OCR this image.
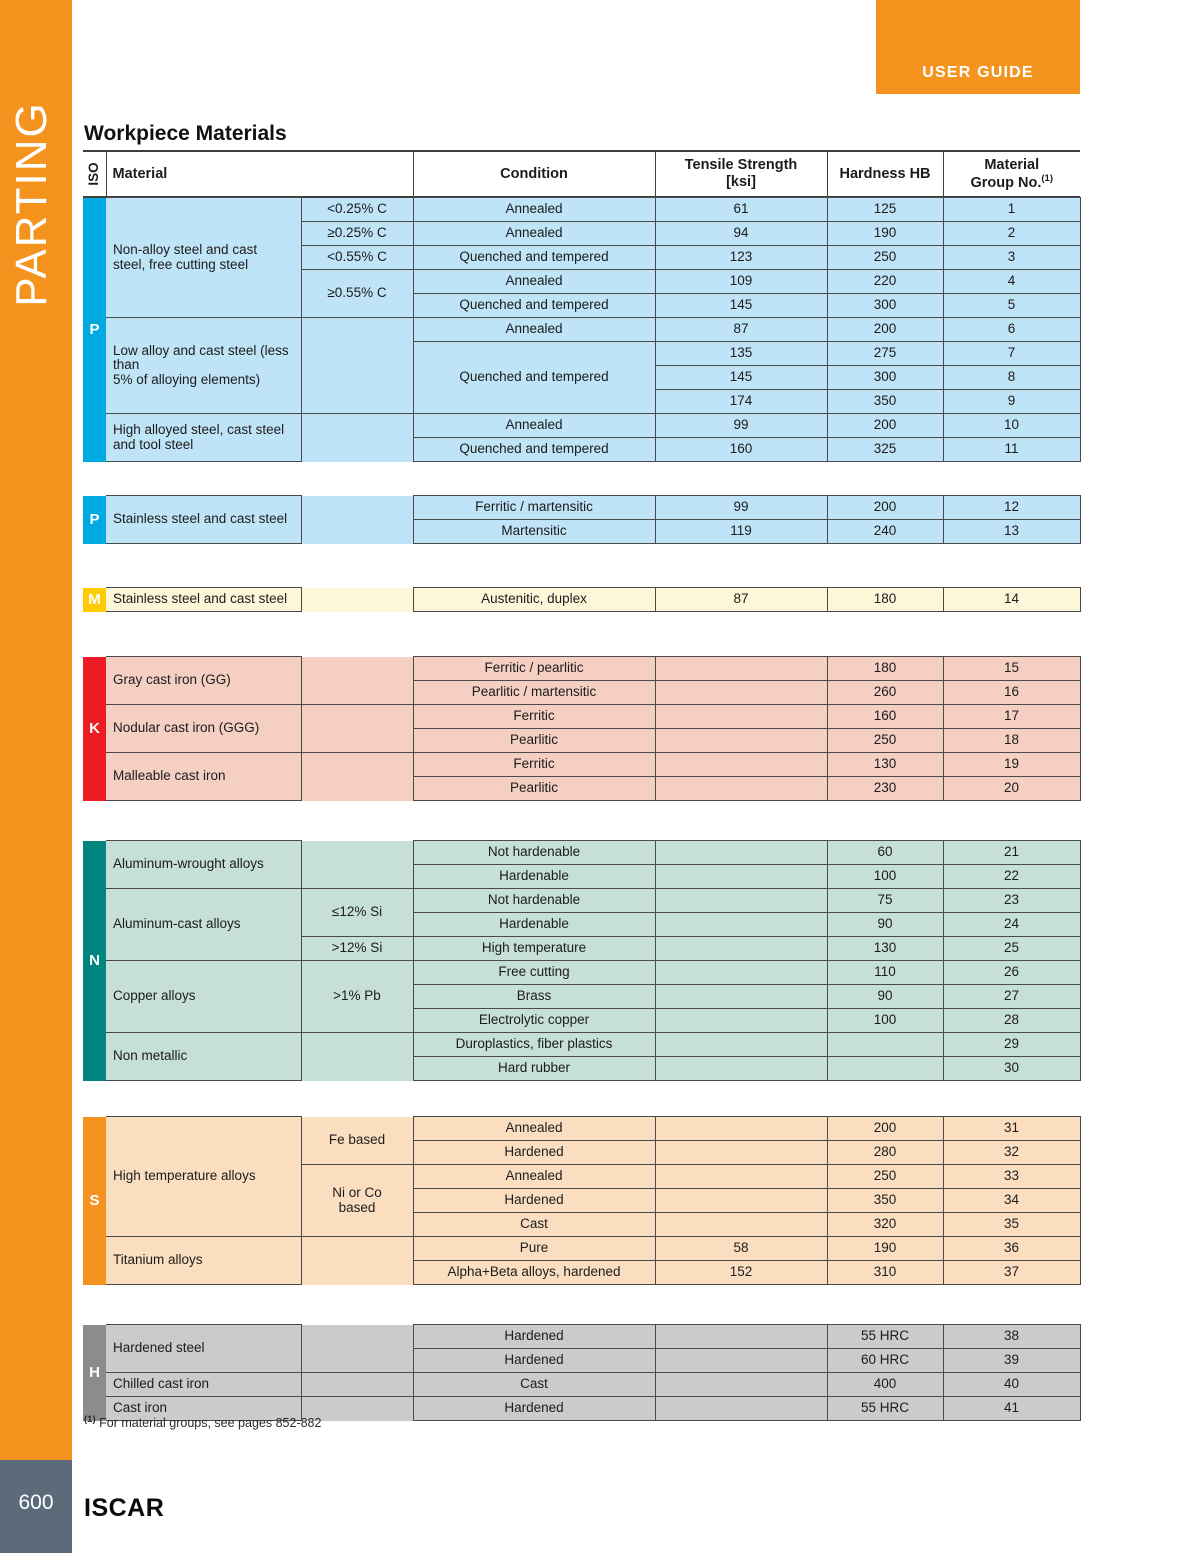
PARTING
USER GUIDE
Workpiece Materials
ISO	Material	Condition	Tensile Strength
[ksi]	Hardness HB	Material
Group No.$^{(1)}$
P	Non-alloy steel and cast
steel, free cutting steel	<0.25% C	Annealed	61	125	1
		≥0.25% C	Annealed	94	190	2
		<0.55% C	Quenched and tempered	123	250	3
		≥0.55% C	Annealed	109	220	4
			Quenched and tempered	145	300	5
	Low alloy and cast steel (less than
5% of alloying elements)		Annealed	87	200	6
			Quenched and tempered	135	275	7
				145	300	8
				174	350	9
	High alloyed steel, cast steel and tool steel		Annealed	99	200	10
			Quenched and tempered	160	325	11
P	Stainless steel and cast steel		Ferritic / martensitic	99	200	12
			Martensitic	119	240	13
M	Stainless steel and cast steel		Austenitic, duplex	87	180	14
K	Gray cast iron (GG)		Ferritic / pearlitic		180	15
			Pearlitic / martensitic		260	16
	Nodular cast iron (GGG)		Ferritic		160	17
			Pearlitic		250	18
	Malleable cast iron		Ferritic		130	19
			Pearlitic		230	20
N	Aluminum-wrought alloys		Not hardenable		60	21
			Hardenable		100	22
	Aluminum-cast alloys	≤12% Si	Not hardenable		75	23
			Hardenable		90	24
		>12% Si	High temperature		130	25
	Copper alloys	>1% Pb	Free cutting		110	26
			Brass		90	27
			Electrolytic copper		100	28
	Non metallic		Duroplastics, fiber plastics			29
			Hard rubber			30
S	High temperature alloys	Fe based	Annealed		200	31
			Hardened		280	32
		Ni or Co
based	Annealed		250	33
			Hardened		350	34
			Cast		320	35
	Titanium alloys		Pure	58	190	36
			Alpha+Beta alloys, hardened	152	310	37
H	Hardened steel		Hardened		55 HRC	38
			Hardened		60 HRC	39
	Chilled cast iron		Cast		400	40
	Cast iron		Hardened		55 HRC	41
$^{(1)}$ For material groups, see pages 852-882
600	ISCAR
